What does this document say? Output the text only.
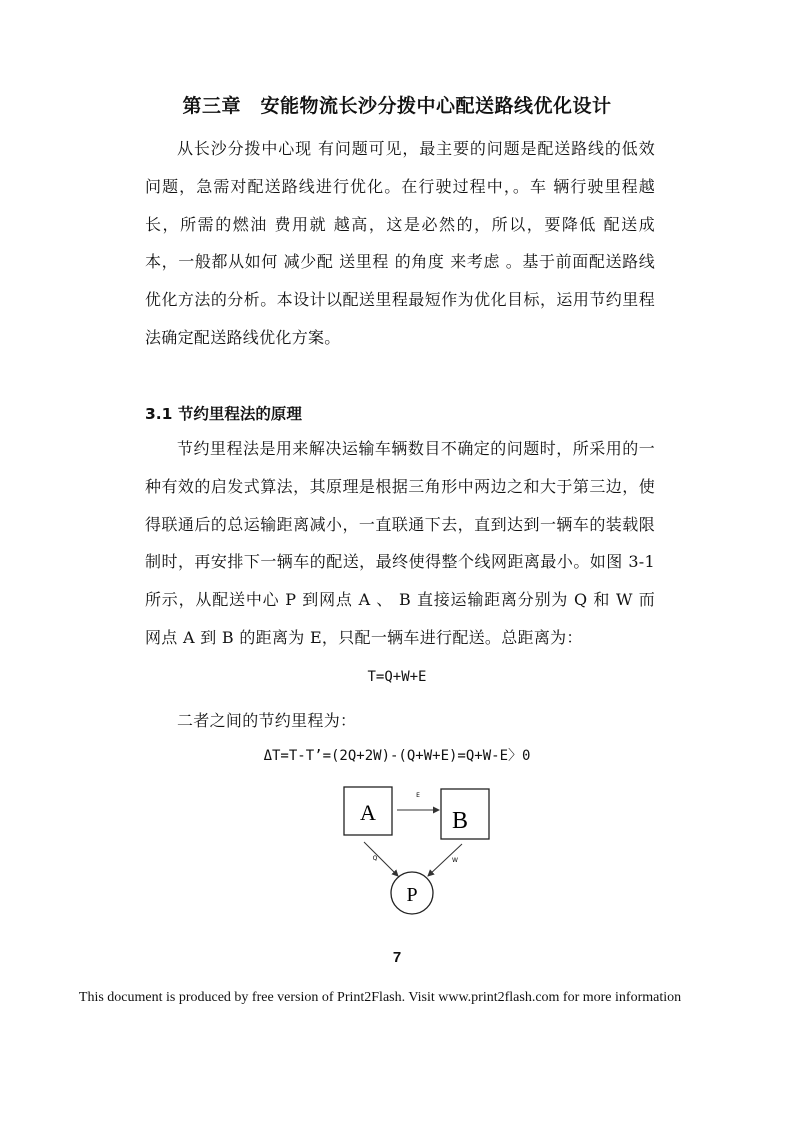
第三章　安能物流长沙分拨中心配送路线优化设计

从长沙分拨中心现 有问题可见，最主要的问题是配送路线的低效问题，急需对配送路线进行优化。在行驶过程中，。车 辆行驶里程越 长，所需的燃油 费用就 越高，这是必然的，所以，要降低 配送成 本，一般都从如何 减少配 送里程 的角度 来考虑 。基于前面配送路线优化方法的分析。本设计以配送里程最短作为优化目标，运用节约里程法确定配送路线优化方案。

3.1 节约里程法的原理

节约里程法是用来解决运输车辆数目不确定的问题时，所采用的一种有效的启发式算法，其原理是根据三角形中两边之和大于第三边，使得联通后的总运输距离减小，一直联通下去，直到达到一辆车的装载限制时，再安排下一辆车的配送，最终使得整个线网距离最小。如图 3-1 所示，从配送中心 P 到网点 A 、 B 直接运输距离分别为 Q 和 W 而网点 A 到 B 的距离为 E，只配一辆车进行配送。总距离为：

T=Q+W+E
二者之间的节约里程为：
ΔT=T-T’=(2Q+2W)-(Q+W+E)=Q+W-E〉0
A	B
P
E
Q	W
7
This document is produced by free version of Print2Flash. Visit www.print2flash.com for more information
